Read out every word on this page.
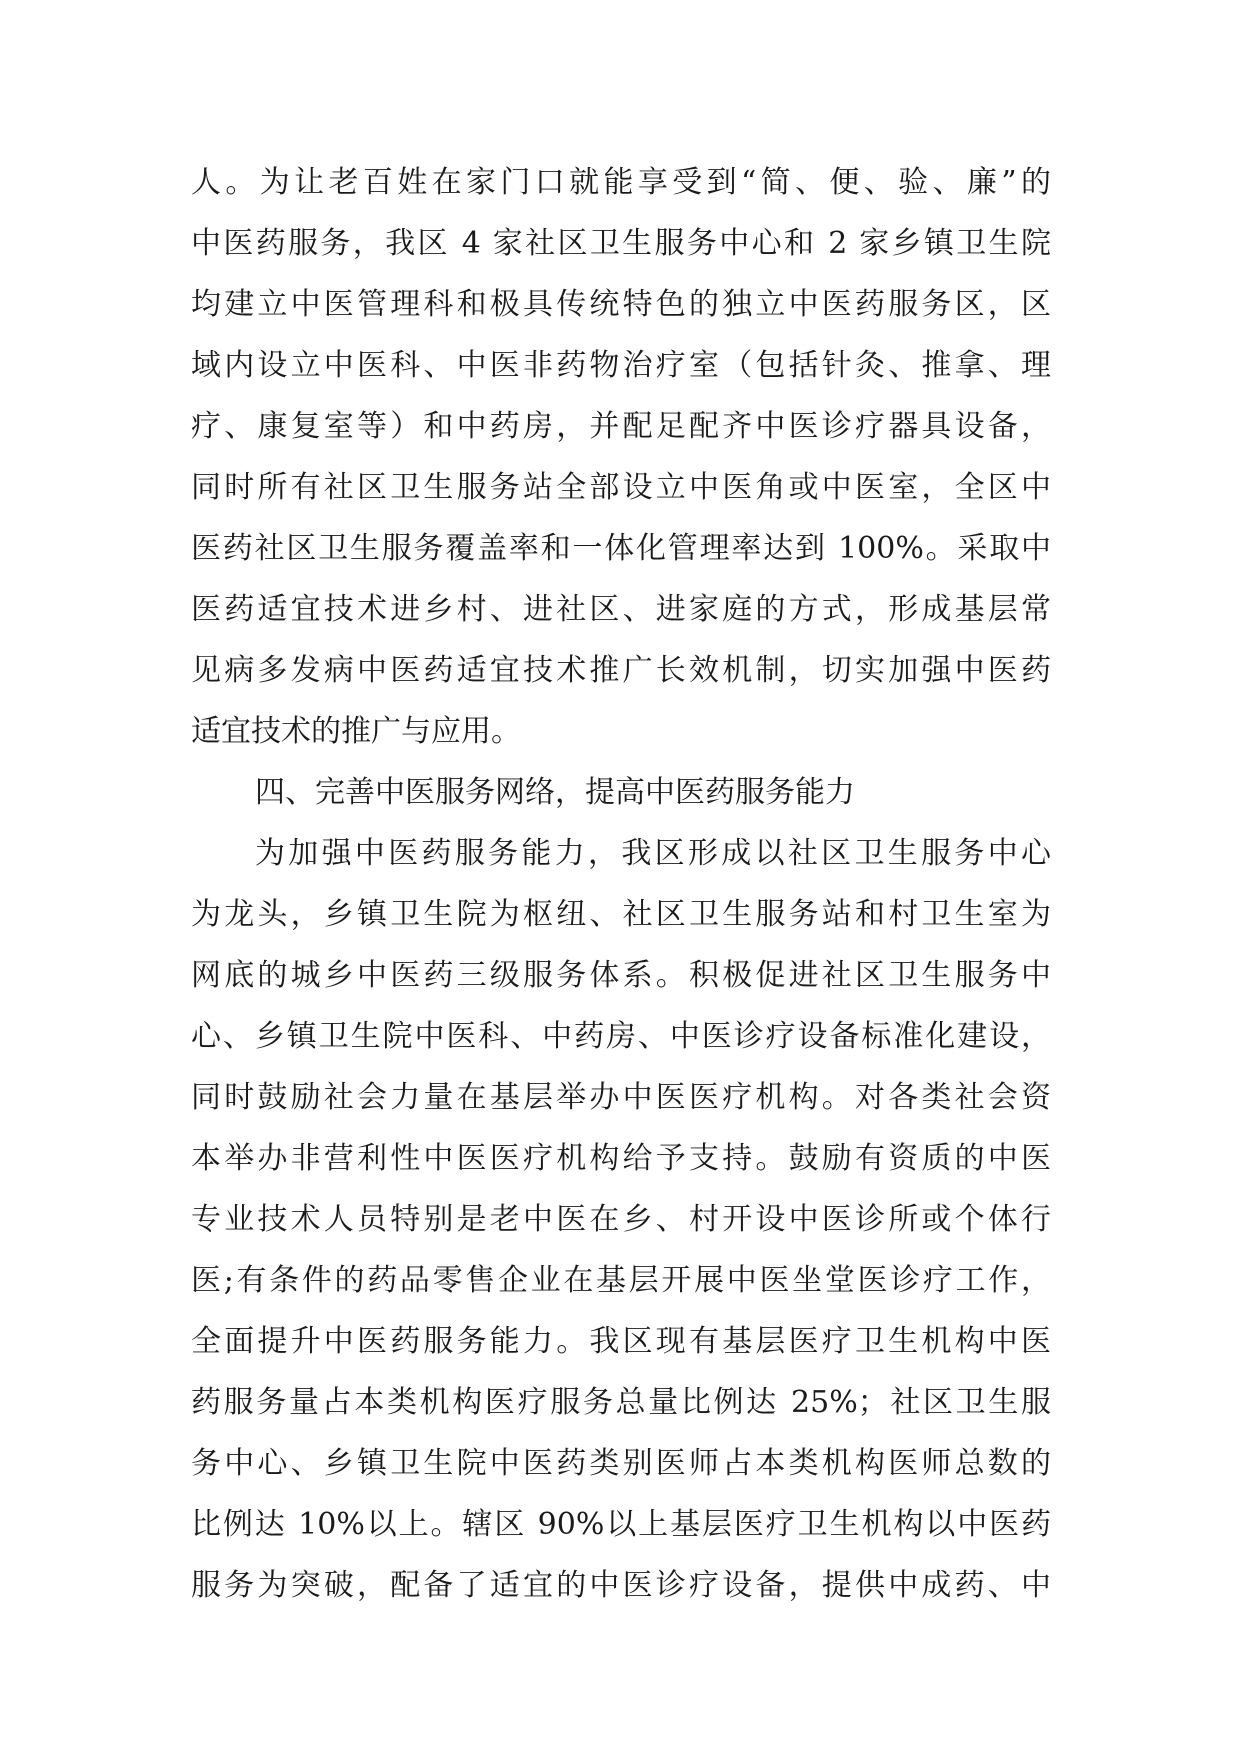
人。为让老百姓在家门口就能享受到“简、便、验、廉”的
中医药服务，我区 4 家社区卫生服务中心和 2 家乡镇卫生院
均建立中医管理科和极具传统特色的独立中医药服务区，区
域内设立中医科、中医非药物治疗室（包括针灸、推拿、理
疗、康复室等）和中药房，并配足配齐中医诊疗器具设备，
同时所有社区卫生服务站全部设立中医角或中医室，全区中
医药社区卫生服务覆盖率和一体化管理率达到 100%。采取中
医药适宜技术进乡村、进社区、进家庭的方式，形成基层常
见病多发病中医药适宜技术推广长效机制，切实加强中医药
适宜技术的推广与应用。
四、完善中医服务网络，提高中医药服务能力
为加强中医药服务能力，我区形成以社区卫生服务中心
为龙头，乡镇卫生院为枢纽、社区卫生服务站和村卫生室为
网底的城乡中医药三级服务体系。积极促进社区卫生服务中
心、乡镇卫生院中医科、中药房、中医诊疗设备标准化建设，
同时鼓励社会力量在基层举办中医医疗机构。对各类社会资
本举办非营利性中医医疗机构给予支持。鼓励有资质的中医
专业技术人员特别是老中医在乡、村开设中医诊所或个体行
医;有条件的药品零售企业在基层开展中医坐堂医诊疗工作，
全面提升中医药服务能力。我区现有基层医疗卫生机构中医
药服务量占本类机构医疗服务总量比例达 25%；社区卫生服
务中心、乡镇卫生院中医药类别医师占本类机构医师总数的
比例达 10%以上。辖区 90%以上基层医疗卫生机构以中医药
服务为突破，配备了适宜的中医诊疗设备，提供中成药、中
